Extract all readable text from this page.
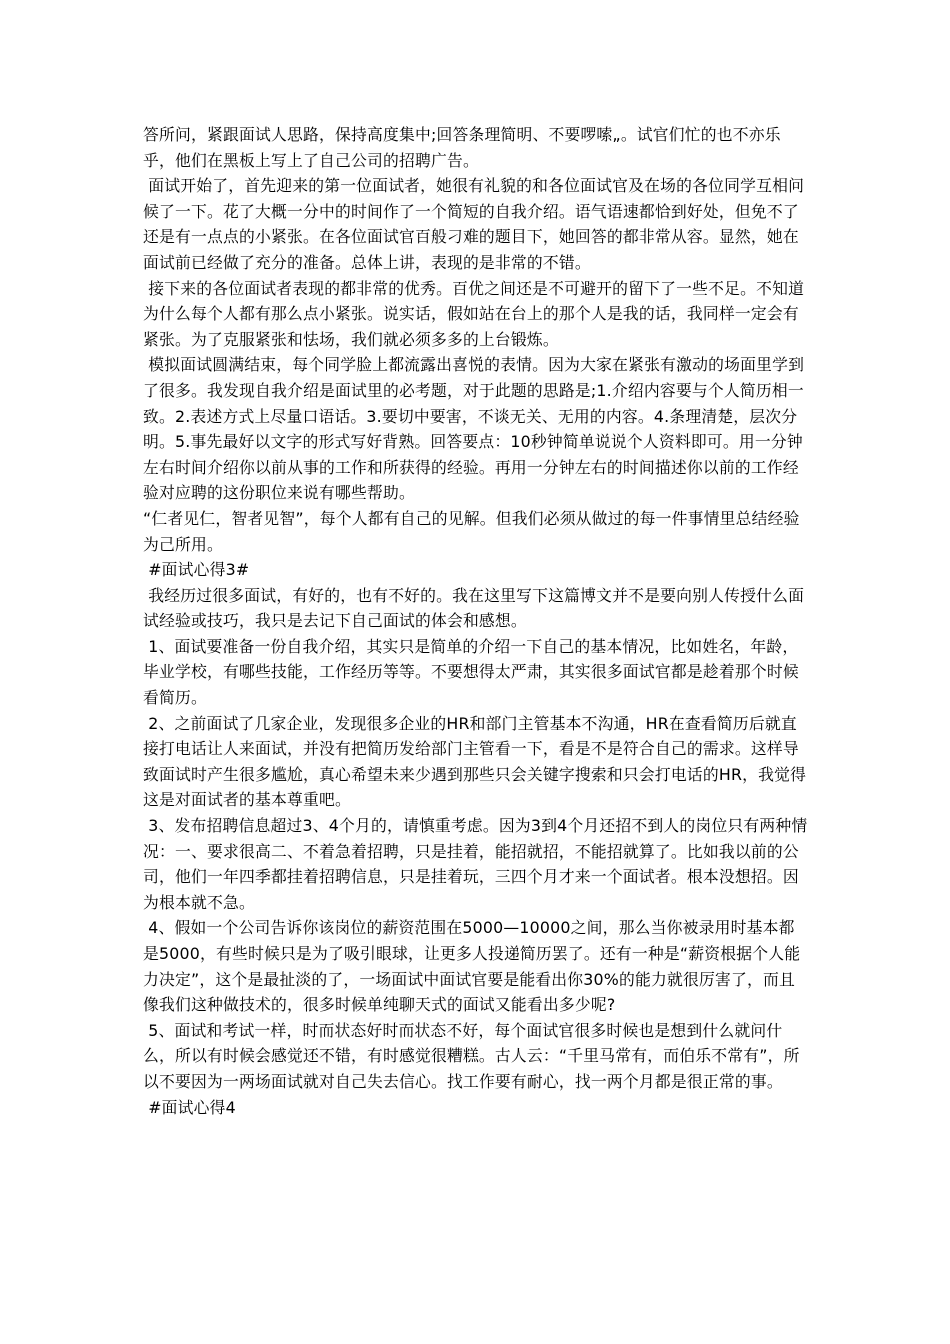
答所问，紧跟面试人思路，保持高度集中;回答条理简明、不要啰嗦„。试官们忙的也不亦乐乎，他们在黑板上写上了自己公司的招聘广告。

面试开始了，首先迎来的第一位面试者，她很有礼貌的和各位面试官及在场的各位同学互相问候了一下。花了大概一分中的时间作了一个简短的自我介绍。语气语速都恰到好处，但免不了还是有一点点的小紧张。在各位面试官百般刁难的题目下，她回答的都非常从容。显然，她在面试前已经做了充分的准备。总体上讲，表现的是非常的不错。

接下来的各位面试者表现的都非常的优秀。百优之间还是不可避开的留下了一些不足。不知道为什么每个人都有那么点小紧张。说实话，假如站在台上的那个人是我的话，我同样一定会有紧张。为了克服紧张和怯场，我们就必须多多的上台锻炼。

模拟面试圆满结束，每个同学脸上都流露出喜悦的表情。因为大家在紧张有激动的场面里学到了很多。我发现自我介绍是面试里的必考题，对于此题的思路是;1.介绍内容要与个人简历相一致。2.表述方式上尽量口语话。3.要切中要害，不谈无关、无用的内容。4.条理清楚，层次分明。5.事先最好以文字的形式写好背熟。回答要点：10秒钟简单说说个人资料即可。用一分钟左右时间介绍你以前从事的工作和所获得的经验。再用一分钟左右的时间描述你以前的工作经验对应聘的这份职位来说有哪些帮助。

“仁者见仁，智者见智”，每个人都有自己的见解。但我们必须从做过的每一件事情里总结经验为己所用。

#面试心得3#

我经历过很多面试，有好的，也有不好的。我在这里写下这篇博文并不是要向别人传授什么面试经验或技巧，我只是去记下自己面试的体会和感想。

1、面试要准备一份自我介绍，其实只是简单的介绍一下自己的基本情况，比如姓名，年龄，毕业学校，有哪些技能，工作经历等等。不要想得太严肃，其实很多面试官都是趁着那个时候看简历。

2、之前面试了几家企业，发现很多企业的HR和部门主管基本不沟通，HR在查看简历后就直接打电话让人来面试，并没有把简历发给部门主管看一下，看是不是符合自己的需求。这样导致面试时产生很多尴尬，真心希望未来少遇到那些只会关键字搜索和只会打电话的HR，我觉得这是对面试者的基本尊重吧。

3、发布招聘信息超过3、4个月的，请慎重考虑。因为3到4个月还招不到人的岗位只有两种情况：一、要求很高二、不着急着招聘，只是挂着，能招就招，不能招就算了。比如我以前的公司，他们一年四季都挂着招聘信息，只是挂着玩，三四个月才来一个面试者。根本没想招。因为根本就不急。

4、假如一个公司告诉你该岗位的薪资范围在5000—10000之间，那么当你被录用时基本都是5000，有些时候只是为了吸引眼球，让更多人投递简历罢了。还有一种是“薪资根据个人能力决定”，这个是最扯淡的了，一场面试中面试官要是能看出你30%的能力就很厉害了，而且像我们这种做技术的，很多时候单纯聊天式的面试又能看出多少呢?

5、面试和考试一样，时而状态好时而状态不好，每个面试官很多时候也是想到什么就问什么，所以有时候会感觉还不错，有时感觉很糟糕。古人云：“千里马常有，而伯乐不常有”，所以不要因为一两场面试就对自己失去信心。找工作要有耐心，找一两个月都是很正常的事。

#面试心得4
